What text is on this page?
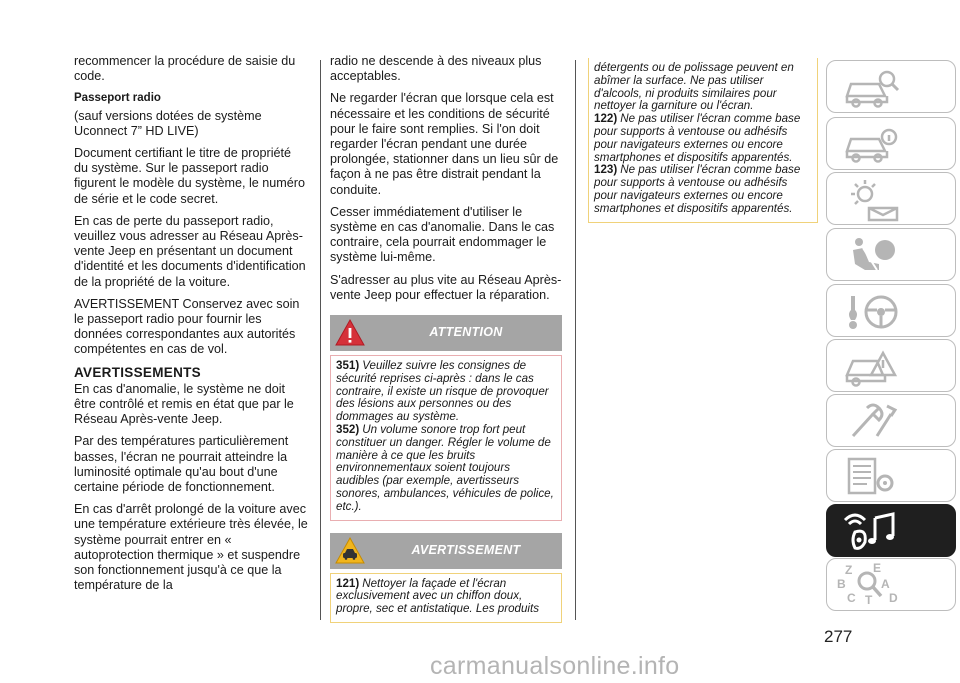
recommencer la procédure de saisie du code.

Passeport radio

(sauf versions dotées de système Uconnect 7” HD LIVE)

Document certifiant le titre de propriété du système. Sur le passeport radio figurent le modèle du système, le numéro de série et le code secret.

En cas de perte du passeport radio, veuillez vous adresser au Réseau Après-vente Jeep en présentant un document d'identité et les documents d'identification de la propriété de la voiture.

AVERTISSEMENT Conservez avec soin le passeport radio pour fournir les données correspondantes aux autorités compétentes en cas de vol.

AVERTISSEMENTS

En cas d'anomalie, le système ne doit être contrôlé et remis en état que par le Réseau Après-vente Jeep.

Par des températures particulièrement basses, l'écran ne pourrait atteindre la luminosité optimale qu'au bout d'une certaine période de fonctionnement.

En cas d'arrêt prolongé de la voiture avec une température extérieure très élevée, le système pourrait entrer en « autoprotection thermique » et suspendre son fonctionnement jusqu'à ce que la température de la

radio ne descende à des niveaux plus acceptables.

Ne regarder l'écran que lorsque cela est nécessaire et les conditions de sécurité pour le faire sont remplies. Si l'on doit regarder l'écran pendant une durée prolongée, stationner dans un lieu sûr de façon à ne pas être distrait pendant la conduite.

Cesser immédiatement d'utiliser le système en cas d'anomalie. Dans le cas contraire, cela pourrait endommager le système lui-même.

S'adresser au plus vite au Réseau Après-vente Jeep pour effectuer la réparation.

ATTENTION

351) Veuillez suivre les consignes de sécurité reprises ci-après : dans le cas contraire, il existe un risque de provoquer des lésions aux personnes ou des dommages au système.

352) Un volume sonore trop fort peut constituer un danger. Régler le volume de manière à ce que les bruits environnementaux soient toujours audibles (par exemple, avertisseurs sonores, ambulances, véhicules de police, etc.).

AVERTISSEMENT

121) Nettoyer la façade et l'écran exclusivement avec un chiffon doux, propre, sec et antistatique. Les produits

détergents ou de polissage peuvent en abîmer la surface. Ne pas utiliser d'alcools, ni produits similaires pour nettoyer la garniture ou l'écran.

122) Ne pas utiliser l'écran comme base pour supports à ventouse ou adhésifs pour navigateurs externes ou encore smartphones et dispositifs apparentés.

123) Ne pas utiliser l'écran comme base pour supports à ventouse ou adhésifs pour navigateurs externes ou encore smartphones et dispositifs apparentés.

Z E
B	A
C T D
277
carmanualsonline.info
